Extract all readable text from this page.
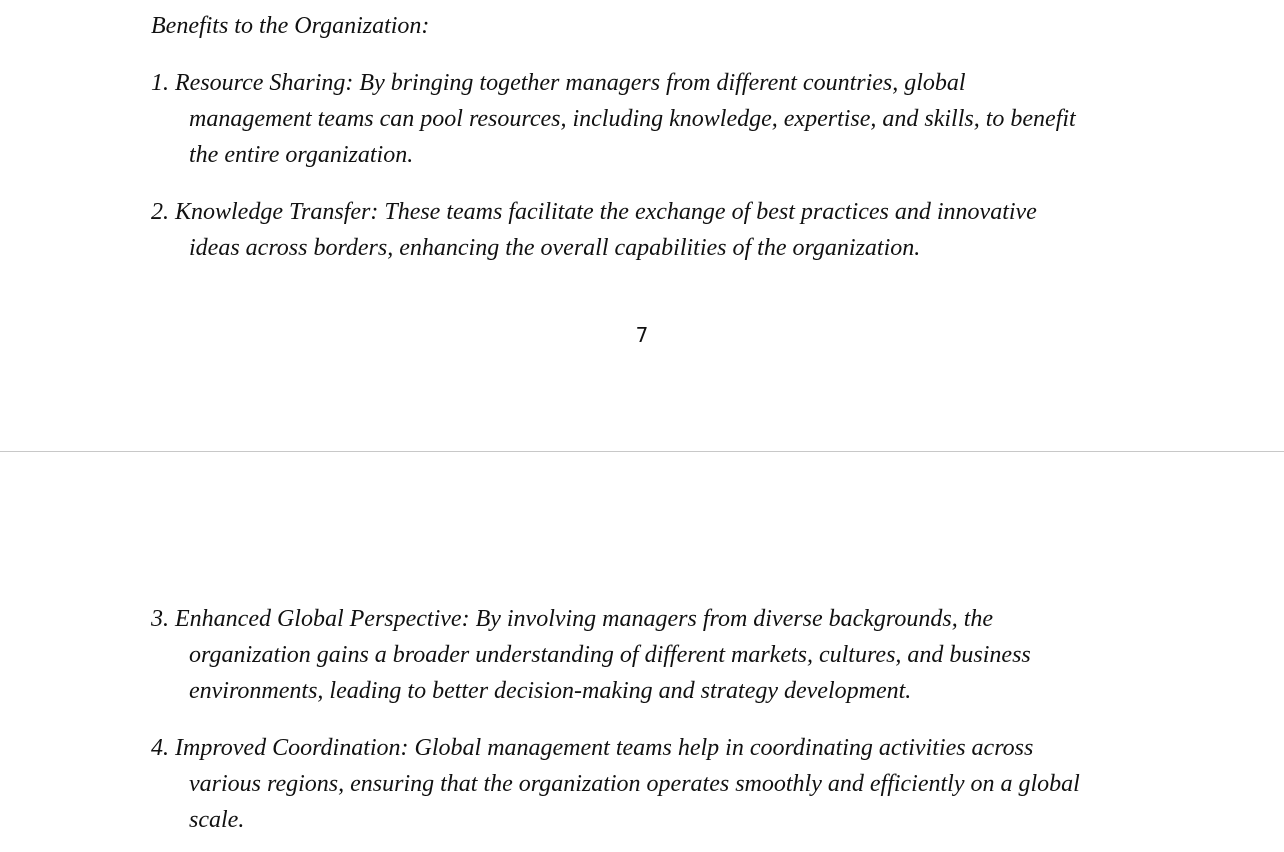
Benefits to the Organization:
1. Resource Sharing: By bringing together managers from different countries, global
management teams can pool resources, including knowledge, expertise, and skills, to benefit
the entire organization.
2. Knowledge Transfer: These teams facilitate the exchange of best practices and innovative
ideas across borders, enhancing the overall capabilities of the organization.
7
3. Enhanced Global Perspective: By involving managers from diverse backgrounds, the
organization gains a broader understanding of different markets, cultures, and business
environments, leading to better decision-making and strategy development.
4. Improved Coordination: Global management teams help in coordinating activities across
various regions, ensuring that the organization operates smoothly and efficiently on a global
scale.
